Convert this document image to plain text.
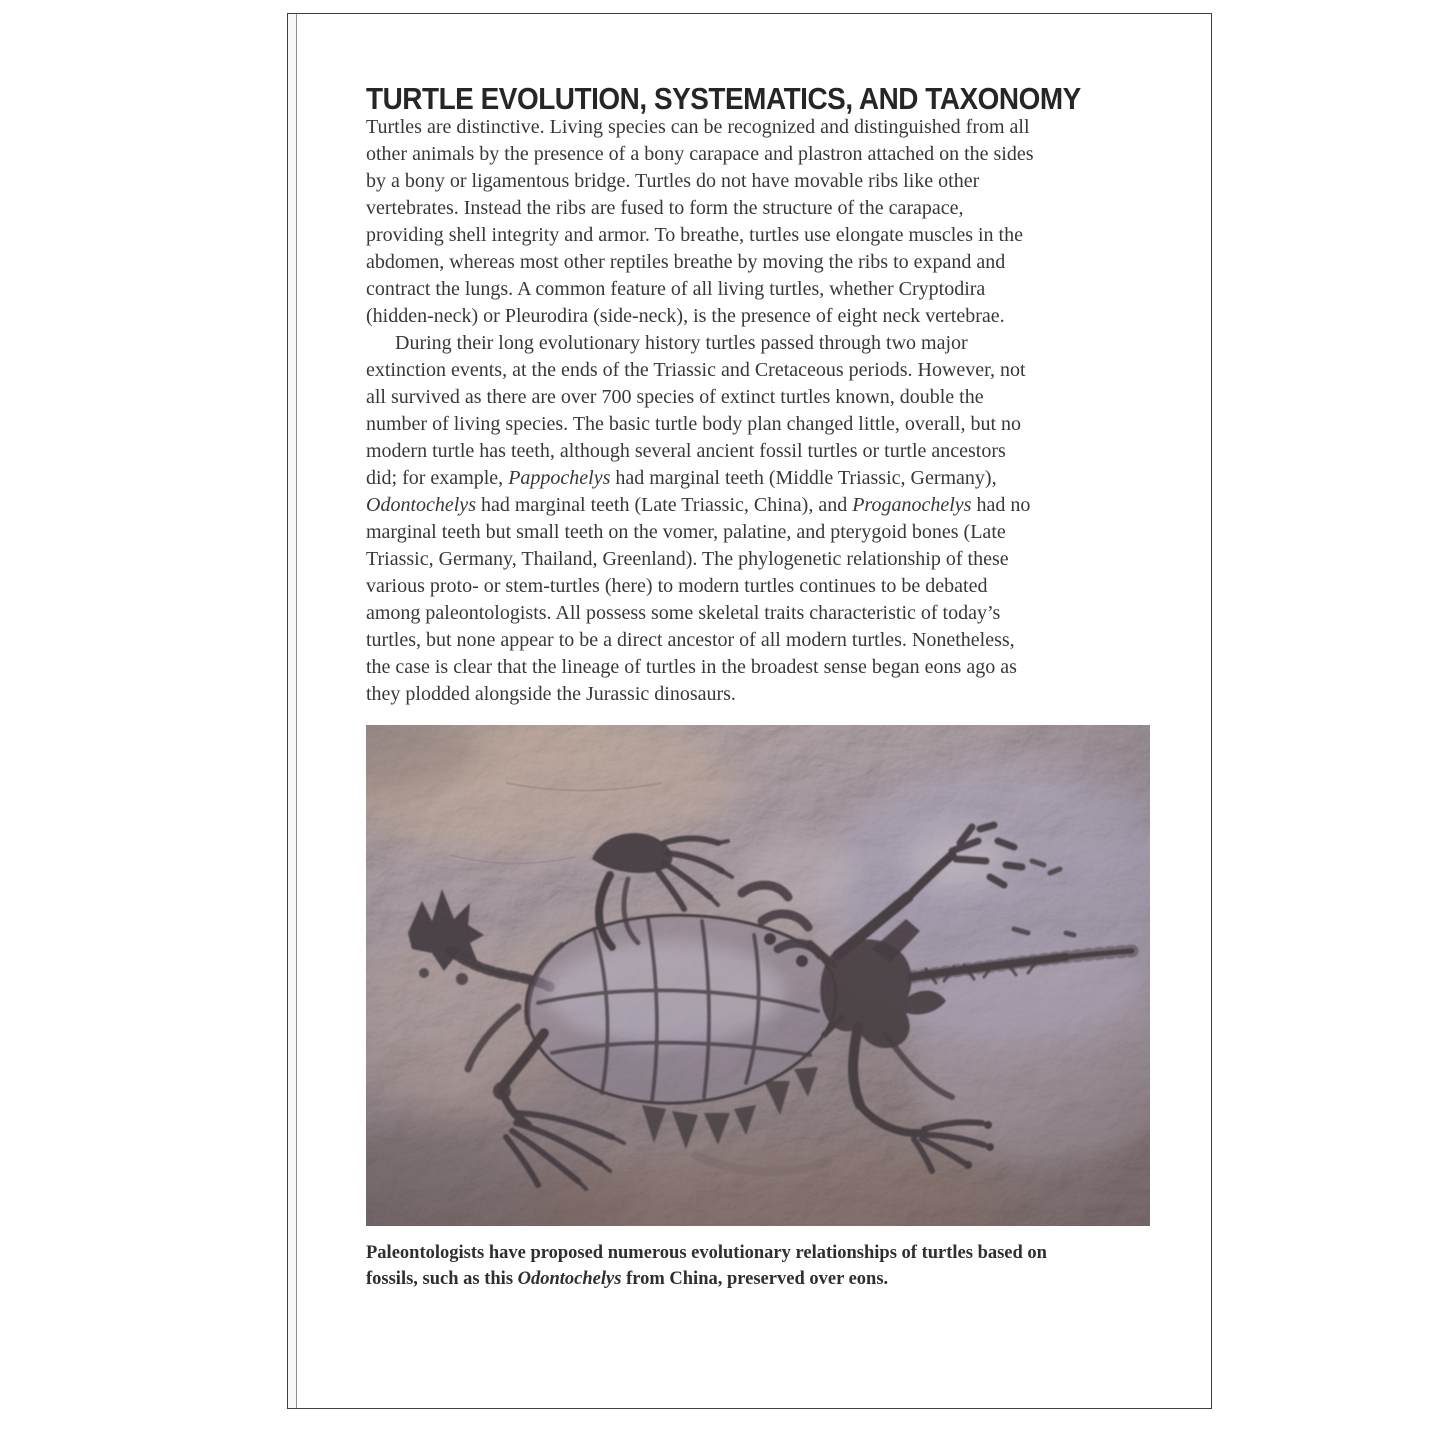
TURTLE EVOLUTION, SYSTEMATICS, AND TAXONOMY
Turtles are distinctive. Living species can be recognized and distinguished from all
other animals by the presence of a bony carapace and plastron attached on the sides
by a bony or ligamentous bridge. Turtles do not have movable ribs like other
vertebrates. Instead the ribs are fused to form the structure of the carapace,
providing shell integrity and armor. To breathe, turtles use elongate muscles in the
abdomen, whereas most other reptiles breathe by moving the ribs to expand and
contract the lungs. A common feature of all living turtles, whether Cryptodira
(hidden-neck) or Pleurodira (side-neck), is the presence of eight neck vertebrae.
During their long evolutionary history turtles passed through two major
extinction events, at the ends of the Triassic and Cretaceous periods. However, not
all survived as there are over 700 species of extinct turtles known, double the
number of living species. The basic turtle body plan changed little, overall, but no
modern turtle has teeth, although several ancient fossil turtles or turtle ancestors
did; for example, Pappochelys had marginal teeth (Middle Triassic, Germany),
Odontochelys had marginal teeth (Late Triassic, China), and Proganochelys had no
marginal teeth but small teeth on the vomer, palatine, and pterygoid bones (Late
Triassic, Germany, Thailand, Greenland). The phylogenetic relationship of these
various proto- or stem-turtles (here) to modern turtles continues to be debated
among paleontologists. All possess some skeletal traits characteristic of today’s
turtles, but none appear to be a direct ancestor of all modern turtles. Nonetheless,
the case is clear that the lineage of turtles in the broadest sense began eons ago as
they plodded alongside the Jurassic dinosaurs.
Paleontologists have proposed numerous evolutionary relationships of turtles based on
fossils, such as this Odontochelys from China, preserved over eons.
